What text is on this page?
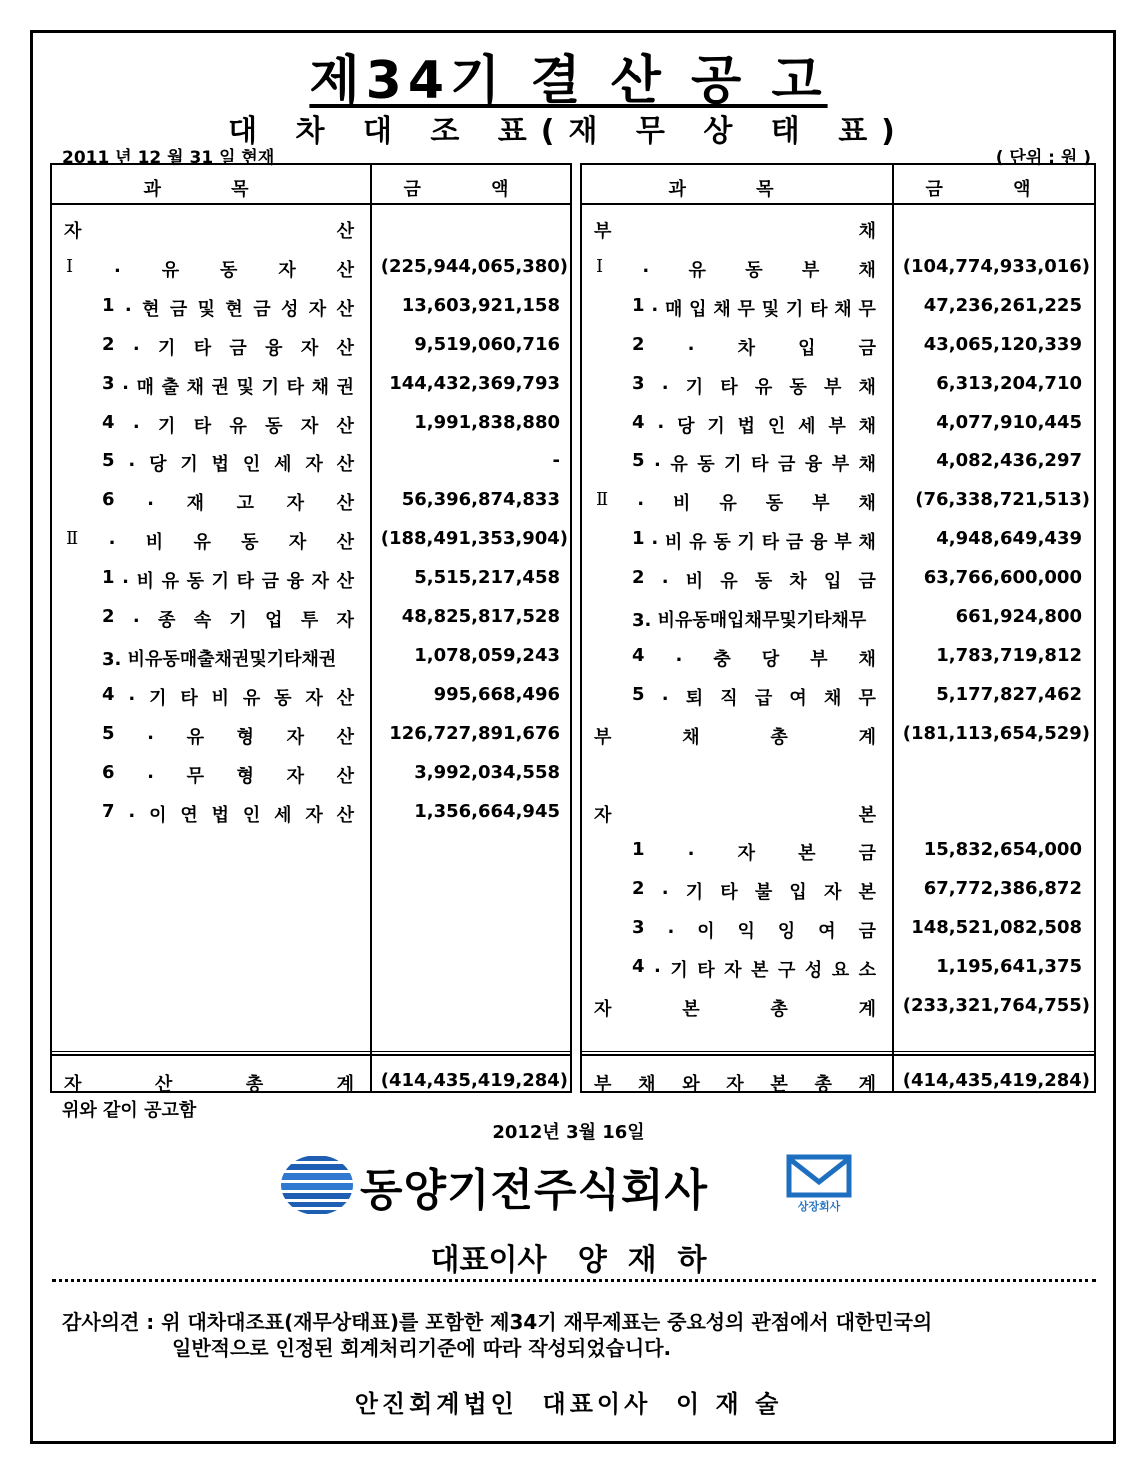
제34기 결 산 공 고
대 차 대 조 표(재 무 상 태 표)
2011 년 12 월 31 일 현재	( 단위 : 원 )
과 목	금 액
자	산
Ⅰ . 유 동 자 산	(225,944,065,380)
1 . 현 금 및 현 금 성 자 산	13,603,921,158
2 . 기 타 금 융 자 산	9,519,060,716
3 . 매 출 채 권 및 기 타 채 권	144,432,369,793
4 . 기 타 유 동 자 산	1,991,838,880
5 . 당 기 법 인 세 자 산	-
6 . 재 고 자 산	56,396,874,833
Ⅱ . 비 유 동 자 산	(188,491,353,904)
1 . 비 유 동 기 타 금 융 자 산	5,515,217,458
2 . 종 속 기 업 투 자	48,825,817,528
3. 비유동매출채권및기타채권	1,078,059,243
4 . 기 타 비 유 동 자 산	995,668,496
5 . 유 형 자 산	126,727,891,676
6 . 무 형 자 산	3,992,034,558
7 . 이 연 법 인 세 자 산	1,356,664,945
자	산	총	계	(414,435,419,284)
과 목	금 액
부	채
Ⅰ . 유 동 부 채	(104,774,933,016)
1 . 매 입 채 무 및 기 타 채 무	47,236,261,225
2 . 차 입 금	43,065,120,339
3 . 기 타 유 동 부 채	6,313,204,710
4 . 당 기 법 인 세 부 채	4,077,910,445
5 . 유 동 기 타 금 융 부 채	4,082,436,297
Ⅱ . 비 유 동 부 채	(76,338,721,513)
1 . 비 유 동 기 타 금 융 부 채	4,948,649,439
2 . 비 유 동 차 입 금	63,766,600,000
3. 비유동매입채무및기타채무	661,924,800
4 . 충 당 부 채	1,783,719,812
5 . 퇴 직 급 여 채 무	5,177,827,462
부	채	총	계	(181,113,654,529)
자	본
1 . 자 본 금	15,832,654,000
2 . 기 타 불 입 자 본	67,772,386,872
3 . 이 익 잉 여 금	148,521,082,508
4 . 기 타 자 본 구 성 요 소	1,195,641,375
자	본	총	계	(233,321,764,755)
부 채 와 자 본 총 계	(414,435,419,284)
위와 같이 공고함
2012년 3월 16일
동양기전주식회사	상장회사
대표이사   양  재  하
감사의견 : 위 대차대조표(재무상태표)를 포함한 제34기 재무제표는 중요성의 관점에서 대한민국의
일반적으로 인정된 회계처리기준에 따라 작성되었습니다.
안진회계법인  대표이사  이 재 술
